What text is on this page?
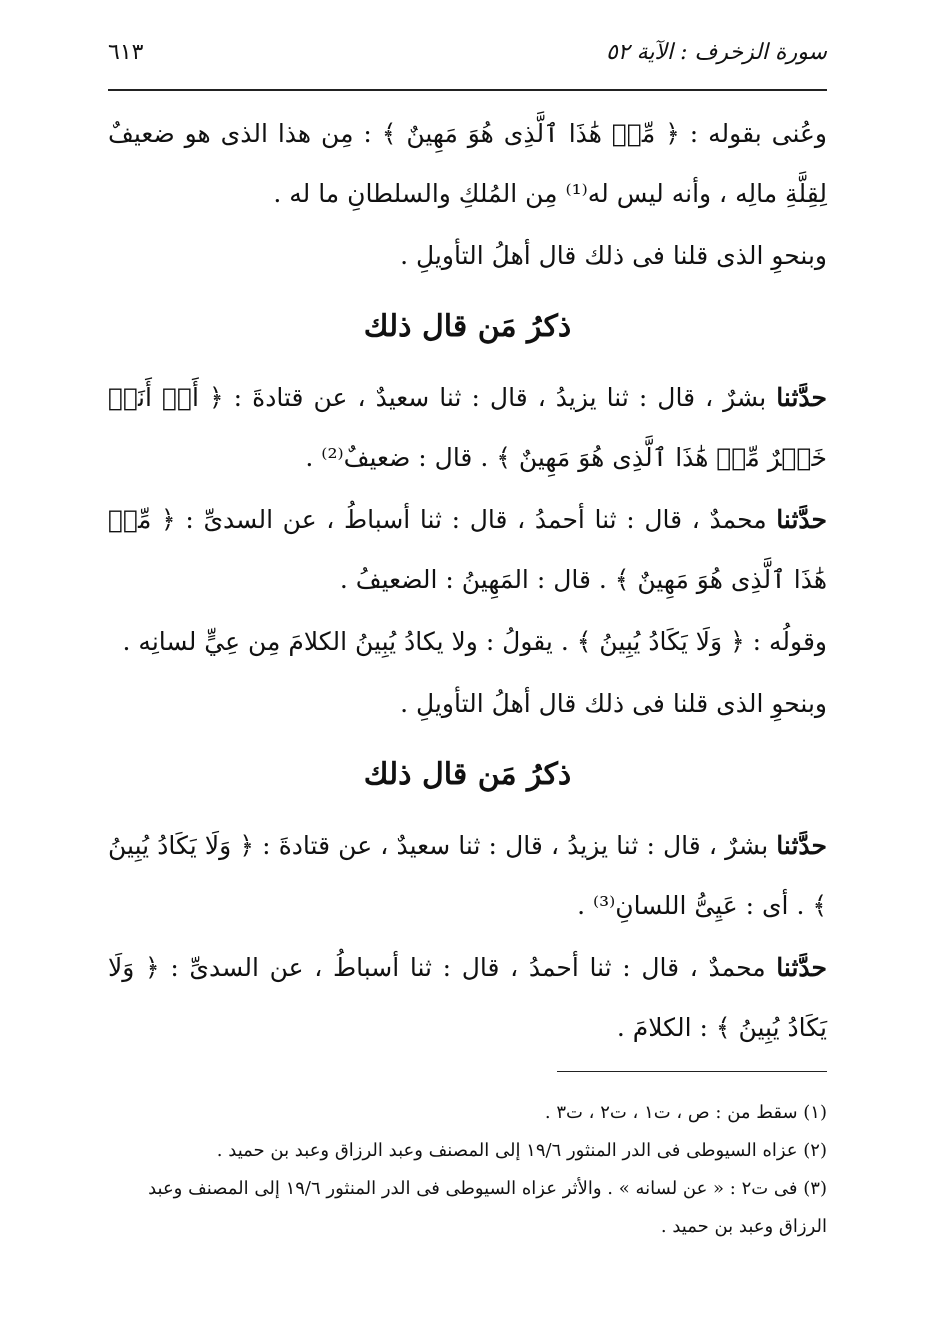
سورة الزخرف : الآية ٥٢
٦١٣

وعُنى بقوله : ﴿ مِّنۡ هَٰذَا ٱلَّذِى هُوَ مَهِينٌ ﴾ : مِن هذا الذى هو ضعيفٌ لِقِلَّةِ مالِه ، وأنه ليس له⁽¹⁾ مِن المُلكِ والسلطانِ ما له .

وبنحوِ الذى قلنا فى ذلك قال أهلُ التأويلِ .

ذكرُ مَن قال ذلك

حدَّثنا بشرٌ ، قال : ثنا يزيدُ ، قال : ثنا سعيدٌ ، عن قتادةَ : ﴿ أَمۡ أَنَا۠ خَيۡرٌ مِّنۡ هَٰذَا ٱلَّذِى هُوَ مَهِينٌ ﴾ . قال : ضعيفٌ⁽²⁾ .

حدَّثنا محمدٌ ، قال : ثنا أحمدُ ، قال : ثنا أسباطُ ، عن السدىِّ : ﴿ مِّنۡ هَٰذَا ٱلَّذِى هُوَ مَهِينٌ ﴾ . قال : المَهِينُ : الضعيفُ .

وقولُه : ﴿ وَلَا يَكَادُ يُبِينُ ﴾ . يقولُ : ولا يكادُ يُبِينُ الكلامَ مِن عِيٍّ لسانِه .

وبنحوِ الذى قلنا فى ذلك قال أهلُ التأويلِ .

ذكرُ مَن قال ذلك

حدَّثنا بشرٌ ، قال : ثنا يزيدُ ، قال : ثنا سعيدٌ ، عن قتادةَ : ﴿ وَلَا يَكَادُ يُبِينُ ﴾ . أى : عَيِىُّ اللسانِ⁽³⁾ .

حدَّثنا محمدٌ ، قال : ثنا أحمدُ ، قال : ثنا أسباطُ ، عن السدىِّ : ﴿ وَلَا يَكَادُ يُبِينُ ﴾ : الكلامَ .

(١) سقط من : ص ، ت١ ، ت٢ ، ت٣ .

(٢) عزاه السيوطى فى الدر المنثور ١٩/٦ إلى المصنف وعبد الرزاق وعبد بن حميد .

(٣) فى ت٢ : « عن لسانه » . والأثر عزاه السيوطى فى الدر المنثور ١٩/٦ إلى المصنف وعبد الرزاق وعبد بن حميد .
